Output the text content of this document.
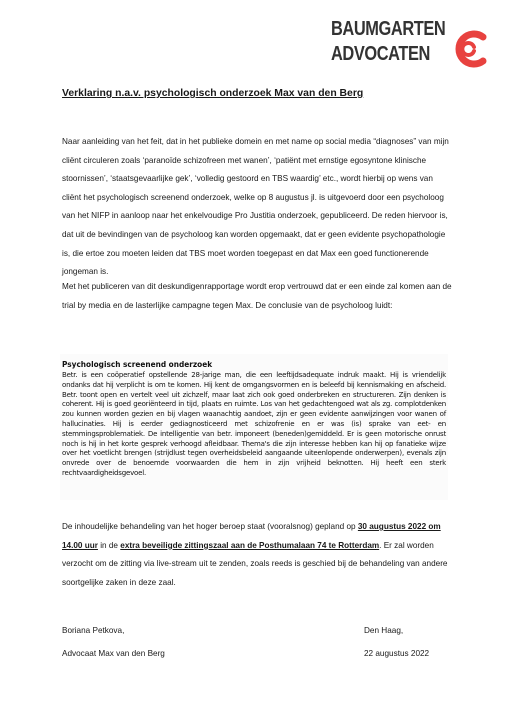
BAUMGARTEN
ADVOCATEN
Verklaring n.a.v. psychologisch onderzoek Max van den Berg

Naar aanleiding van het feit, dat in het publieke domein en met name op social media “diagnoses” van mijn cliënt circuleren zoals ‘paranoïde schizofreen met wanen’, ‘patiënt met ernstige egosyntone klinische stoornissen’, ‘staatsgevaarlijke gek’, ‘volledig gestoord en TBS waardig’ etc., wordt hierbij op wens van cliënt het psychologisch screenend onderzoek, welke op 8 augustus jl. is uitgevoerd door een psycholoog van het NIFP in aanloop naar het enkelvoudige Pro Justitia onderzoek, gepubliceerd. De reden hiervoor is, dat uit de bevindingen van de psycholoog kan worden opgemaakt, dat er geen evidente psychopathologie is, die ertoe zou moeten leiden dat TBS moet worden toegepast en dat Max een goed functionerende jongeman is.

Met het publiceren van dit deskundigenrapportage wordt erop vertrouwd dat er een einde zal komen aan de trial by media en de lasterlijke campagne tegen Max. De conclusie van de psycholoog luidt:

Psychologisch screenend onderzoek
Betr. is een coöperatief opstellende 28-jarige man, die een leeftijdsadequate indruk maakt. Hij is vriendelijk ondanks dat hij verplicht is om te komen. Hij kent de omgangsvormen en is beleefd bij kennismaking en afscheid. Betr. toont open en vertelt veel uit zichzelf, maar laat zich ook goed onderbreken en structureren. Zijn denken is coherent. Hij is goed georiënteerd in tijd, plaats en ruimte. Los van het gedachtengoed wat als zg. complotdenken zou kunnen worden gezien en bij vlagen waanachtig aandoet, zijn er geen evidente aanwijzingen voor wanen of hallucinaties. Hij is eerder gediagnosticeerd met schizofrenie en er was (is) sprake van eet- en stemmingsproblematiek. De intelligentie van betr. imponeert (beneden)gemiddeld. Er is geen motorische onrust noch is hij in het korte gesprek verhoogd afleidbaar. Thema's die zijn interesse hebben kan hij op fanatieke wijze over het voetlicht brengen (strijdlust tegen overheidsbeleid aangaande uiteenlopende onderwerpen), evenals zijn onvrede over de benoemde voorwaarden die hem in zijn vrijheid beknotten. Hij heeft een sterk rechtvaardigheidsgevoel.

De inhoudelijke behandeling van het hoger beroep staat (vooralsnog) gepland op 30 augustus 2022 om 14.00 uur in de extra beveiligde zittingszaal aan de Posthumalaan 74 te Rotterdam. Er zal worden verzocht om de zitting via live-stream uit te zenden, zoals reeds is geschied bij de behandeling van andere soortgelijke zaken in deze zaal.

Boriana Petkova,	Den Haag,
Advocaat Max van den Berg	22 augustus 2022
